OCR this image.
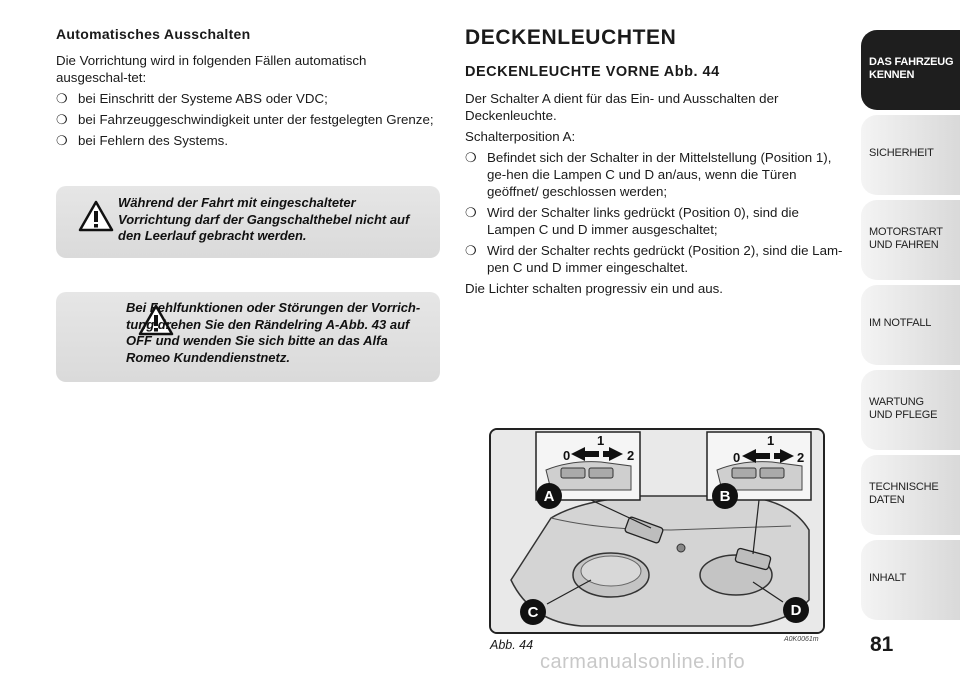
Automatisches Ausschalten

Die Vorrichtung wird in folgenden Fällen automatisch ausgeschal-tet:

❍ bei Einschritt der Systeme ABS oder VDC;
❍ bei Fahrzeuggeschwindigkeit unter der festgelegten Grenze;
❍ bei Fehlern des Systems.
Während der Fahrt mit eingeschalteter Vorrichtung darf der Gangschalthebel nicht auf den Leerlauf gebracht werden.
Bei Fehlfunktionen oder Störungen der Vorrich-tung drehen Sie den Rändelring A-Abb. 43 auf OFF und wenden Sie sich bitte an das Alfa Romeo Kundendienstnetz.
DECKENLEUCHTEN
DECKENLEUCHTE VORNE Abb. 44

Der Schalter A dient für das Ein- und Ausschalten der Deckenleuchte.

Schalterposition A:

❍ Befindet sich der Schalter in der Mittelstellung (Position 1), ge-hen die Lampen C und D an/aus, wenn die Türen geöffnet/ geschlossen werden;
❍ Wird der Schalter links gedrückt (Position 0), sind die Lampen C und D immer ausgeschaltet;
❍ Wird der Schalter rechts gedrückt (Position 2), sind die Lam-pen C und D immer eingeschaltet.

Die Lichter schalten progressiv ein und aus.

A	B
C	D
0
1
2	0
1
2
Abb. 44	A0K0061m
DAS FAHRZEUG
KENNEN
SICHERHEIT
MOTORSTART
UND FAHREN
IM NOTFALL
WARTUNG
UND PFLEGE
TECHNISCHE
DATEN
INHALT
81
carmanualsonline.info
